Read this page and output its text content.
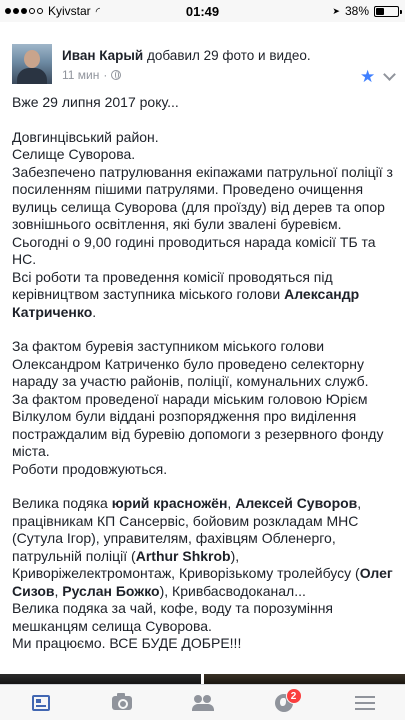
Kyivstar ◜	01:49	➤ 38%
Иван Карый добавил 29 фото и видео.
11 мин ·	★

Вже 29 липня 2017 року...

Довгинцівський район.

Селище Суворова.

Забезпечено патрулювання екіпажами патрульної поліції з посиленням пішими патрулями. Проведено очищення вулиць селища Суворова (для проїзду) від дерев та опор зовнішнього освітлення, які були звалені буревієм. Сьогодні о 9,00 годині проводиться нарада комісії ТБ та НС.

Всі роботи та проведення комісії проводяться під керівництвом заступника міського голови Александр Катриченко.

За фактом буревія заступником міського голови Олександром Катриченко було проведено селекторну нараду за участю районів, поліції, комунальних служб.

За фактом проведеної наради міським головою Юрієм Вілкулом були віддані розпорядження про виділення постраждалим від буревію допомоги з резервного фонду міста.

Роботи продовжуються.

Велика подяка юрий красножён, Алексей Суворов, працівникам КП Сансервіс, бойовим розкладам МНС (Сутула Ігор), управителям, фахівцям Обленерго, патрульній поліції (Arthur Shkrob), Криворіжелектромонтаж, Криворізькому тролейбусу (Олег Сизов, Руслан Божко), Кривбасводоканал...

Велика подяка за чай, кофе, воду та порозуміння мешканцям селища Суворова.

Ми працюємо. ВСЕ БУДЕ ДОБРЕ!!!

2
